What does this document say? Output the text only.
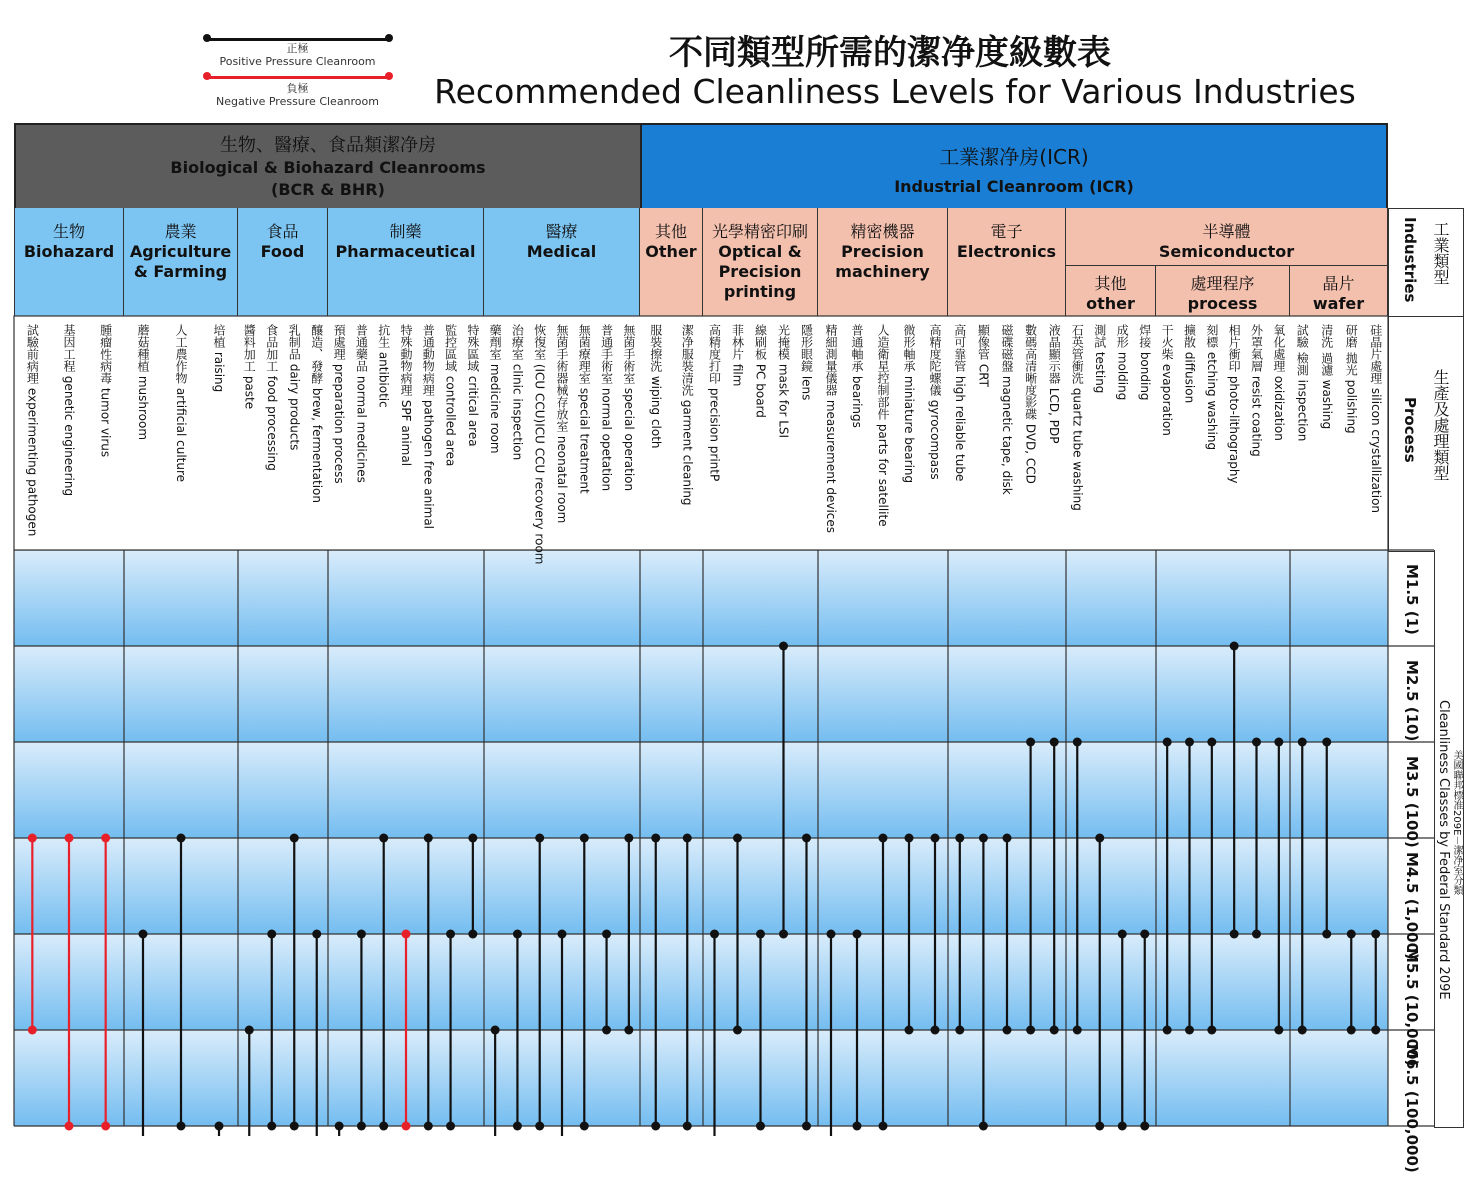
正極
Positive Pressure Cleanroom
負極
Negative Pressure Cleanroom
不同類型所需的潔净度級數表
Recommended Cleanliness Levels for Various Industries
生物、醫療、食品類潔净房
Biological & Biohazard Cleanrooms
(BCR & BHR)
工業潔净房(ICR)
Industrial Cleanroom (ICR)
工業類型
Industries
生產及處理類型
Process
美國聯邦標准209E－潔净室分類
Cleanliness Classes by Federal Standard 209E
生物
Biohazard
農業
Agriculture & Farming
食品
Food
制藥
Pharmaceutical
醫療
Medical
其他
Other
光學精密印刷
Optical & Precision printing
精密機器
Precision machinery
電子
Electronics
其他
other
處理程序
process
晶片
wafer
半導體
Semiconductor
試驗前病理 experimenting pathogen 基因工程 genetic engineering 腫瘤性病毒 tumor virus 蘑菇種植 mushroom 人工農作物 artificial culture 培植 raising 醬料加工 paste 食品加工 food processing 乳制品 dairy products 釀造、發酵 brew, fermentation 預處理 preparation process 普通藥品 normal medicines 抗生 antibiotic 特殊動物病理 SPF animal 普通動物病理 pathogen free animal 監控區域 controlled area 特殊區域 critical area 藥劑室 medicine room 治療室 clinic inspection 恢復室 (ICU CCU)ICU CCU recovery room 無菌手術器械存放室 neonatal room 無菌療理室 special treatment 普通手術室 normal opetation 無菌手術室 special operation 服裝擦洗 wiping cloth 潔净服裝清洗 garment cleaning 高精度打印 precision printP 菲林片 film 線刷板 PC board 光掩模 mask for LSI 隱形眼鏡 lens 精細測量儀器 measurement devices 普通軸承 bearings 人造衛星控制部件 parts for satellite 微形軸承 miniature bearing 高精度陀螺儀 gyrocompass 高可靠管 high reliable tube 顯像管 CRT 磁碟磁盤 magnetic tape, disk 數碼高清晰度影碟 DVD, CCD 液晶顯示器 LCD, PDP 石英管衝洗 quartz tube washing 測試 testing 成形 molding 焊接 bonding 干火柴 evaporation 擴散 diffusion 刻標 etching washing 相片衝印 photo-lithography 外罩氣層 resist coating 氧化處理 oxidization 試驗 檢測 inspection 清洗 過濾 washing 研磨 拋光 polishing 硅晶片處理 silicon crystallization
M1.5 (1)
M2.5 (10)
M3.5 (100)
M4.5 (1,000)
M5.5 (10,000)
M6.5 (100,000)
